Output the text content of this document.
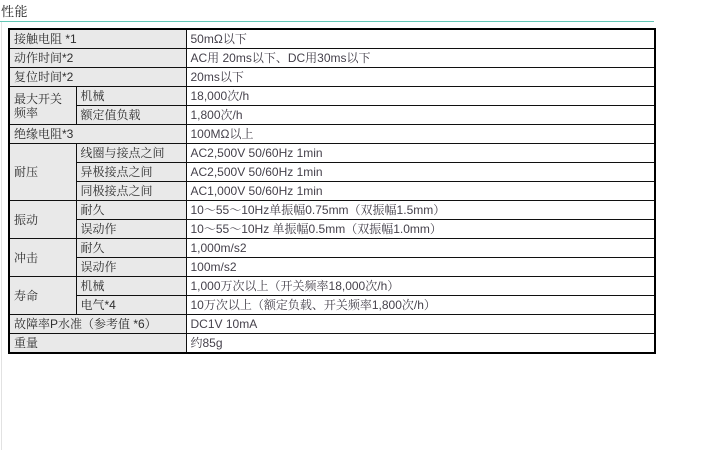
性能
接触电阻 *1		50mΩ以下
动作时间*2		AC用 20ms以下、DC用30ms以下
复位时间*2		20ms以下
最大开关频率	机械	18,000次/h
	额定值负载	1,800次/h
绝缘电阻*3		100MΩ以上
耐压	线圈与接点之间	AC2,500V 50/60Hz 1min
	异极接点之间	AC2,500V 50/60Hz 1min
	同极接点之间	AC1,000V 50/60Hz 1min
振动	耐久	10～55～10Hz单振幅0.75mm（双振幅1.5mm）
	误动作	10～55～10Hz 单振幅0.5mm（双振幅1.0mm）
冲击	耐久	1,000m/s2
	误动作	100m/s2
寿命	机械	1,000万次以上（开关频率18,000次/h）
	电气*4	10万次以上（额定负载、开关频率1,800次/h）
故障率P水准（参考值 *6）		DC1V 10mA
重量		约85g
